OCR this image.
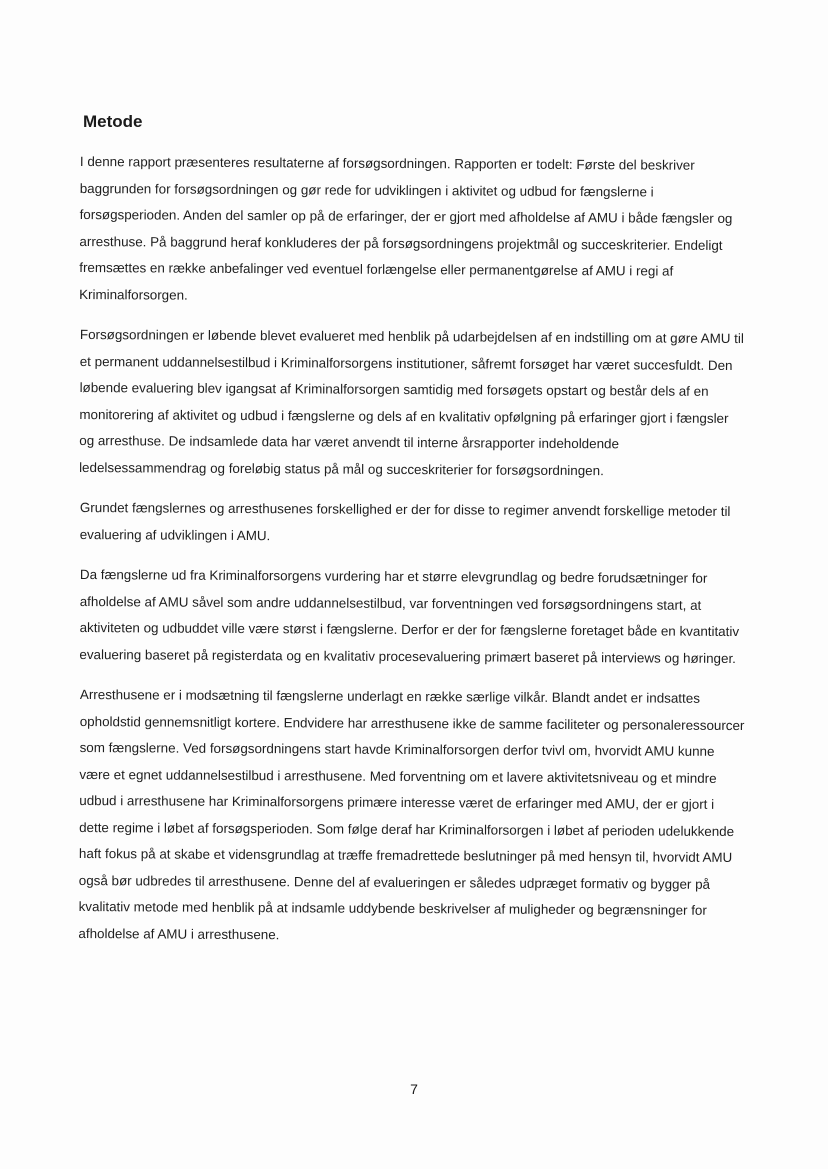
Metode

I denne rapport præsenteres resultaterne af forsøgsordningen. Rapporten er todelt: Første del beskriver baggrunden for forsøgsordningen og gør rede for udviklingen i aktivitet og udbud for fængslerne i forsøgsperioden. Anden del samler op på de erfaringer, der er gjort med afholdelse af AMU i både fængsler og arresthuse. På baggrund heraf konkluderes der på forsøgsordningens projektmål og succeskriterier. Endeligt fremsættes en række anbefalinger ved eventuel forlængelse eller permanentgørelse af AMU i regi af Kriminalforsorgen.

Forsøgsordningen er løbende blevet evalueret med henblik på udarbejdelsen af en indstilling om at gøre AMU til et permanent uddannelsestilbud i Kriminalforsorgens institutioner, såfremt forsøget har været succesfuldt. Den løbende evaluering blev igangsat af Kriminalforsorgen samtidig med forsøgets opstart og består dels af en monitorering af aktivitet og udbud i fængslerne og dels af en kvalitativ opfølgning på erfaringer gjort i fængsler og arresthuse. De indsamlede data har været anvendt til interne årsrapporter indeholdende ledelsessammendrag og foreløbig status på mål og succeskriterier for forsøgsordningen.

Grundet fængslernes og arresthusenes forskellighed er der for disse to regimer anvendt forskellige metoder til evaluering af udviklingen i AMU.

Da fængslerne ud fra Kriminalforsorgens vurdering har et større elevgrundlag og bedre forudsætninger for afholdelse af AMU såvel som andre uddannelsestilbud, var forventningen ved forsøgsordningens start, at aktiviteten og udbuddet ville være størst i fængslerne. Derfor er der for fængslerne foretaget både en kvantitativ evaluering baseret på registerdata og en kvalitativ procesevaluering primært baseret på interviews og høringer.

Arresthusene er i modsætning til fængslerne underlagt en række særlige vilkår. Blandt andet er indsattes opholdstid gennemsnitligt kortere. Endvidere har arresthusene ikke de samme faciliteter og personaleressourcer som fængslerne. Ved forsøgsordningens start havde Kriminalforsorgen derfor tvivl om, hvorvidt AMU kunne være et egnet uddannelsestilbud i arresthusene. Med forventning om et lavere aktivitetsniveau og et mindre udbud i arresthusene har Kriminalforsorgens primære interesse været de erfaringer med AMU, der er gjort i dette regime i løbet af forsøgsperioden. Som følge deraf har Kriminalforsorgen i løbet af perioden udelukkende haft fokus på at skabe et vidensgrundlag at træffe fremadrettede beslutninger på med hensyn til, hvorvidt AMU også bør udbredes til arresthusene. Denne del af evalueringen er således udpræget formativ og bygger på kvalitativ metode med henblik på at indsamle uddybende beskrivelser af muligheder og begrænsninger for afholdelse af AMU i arresthusene.

7
